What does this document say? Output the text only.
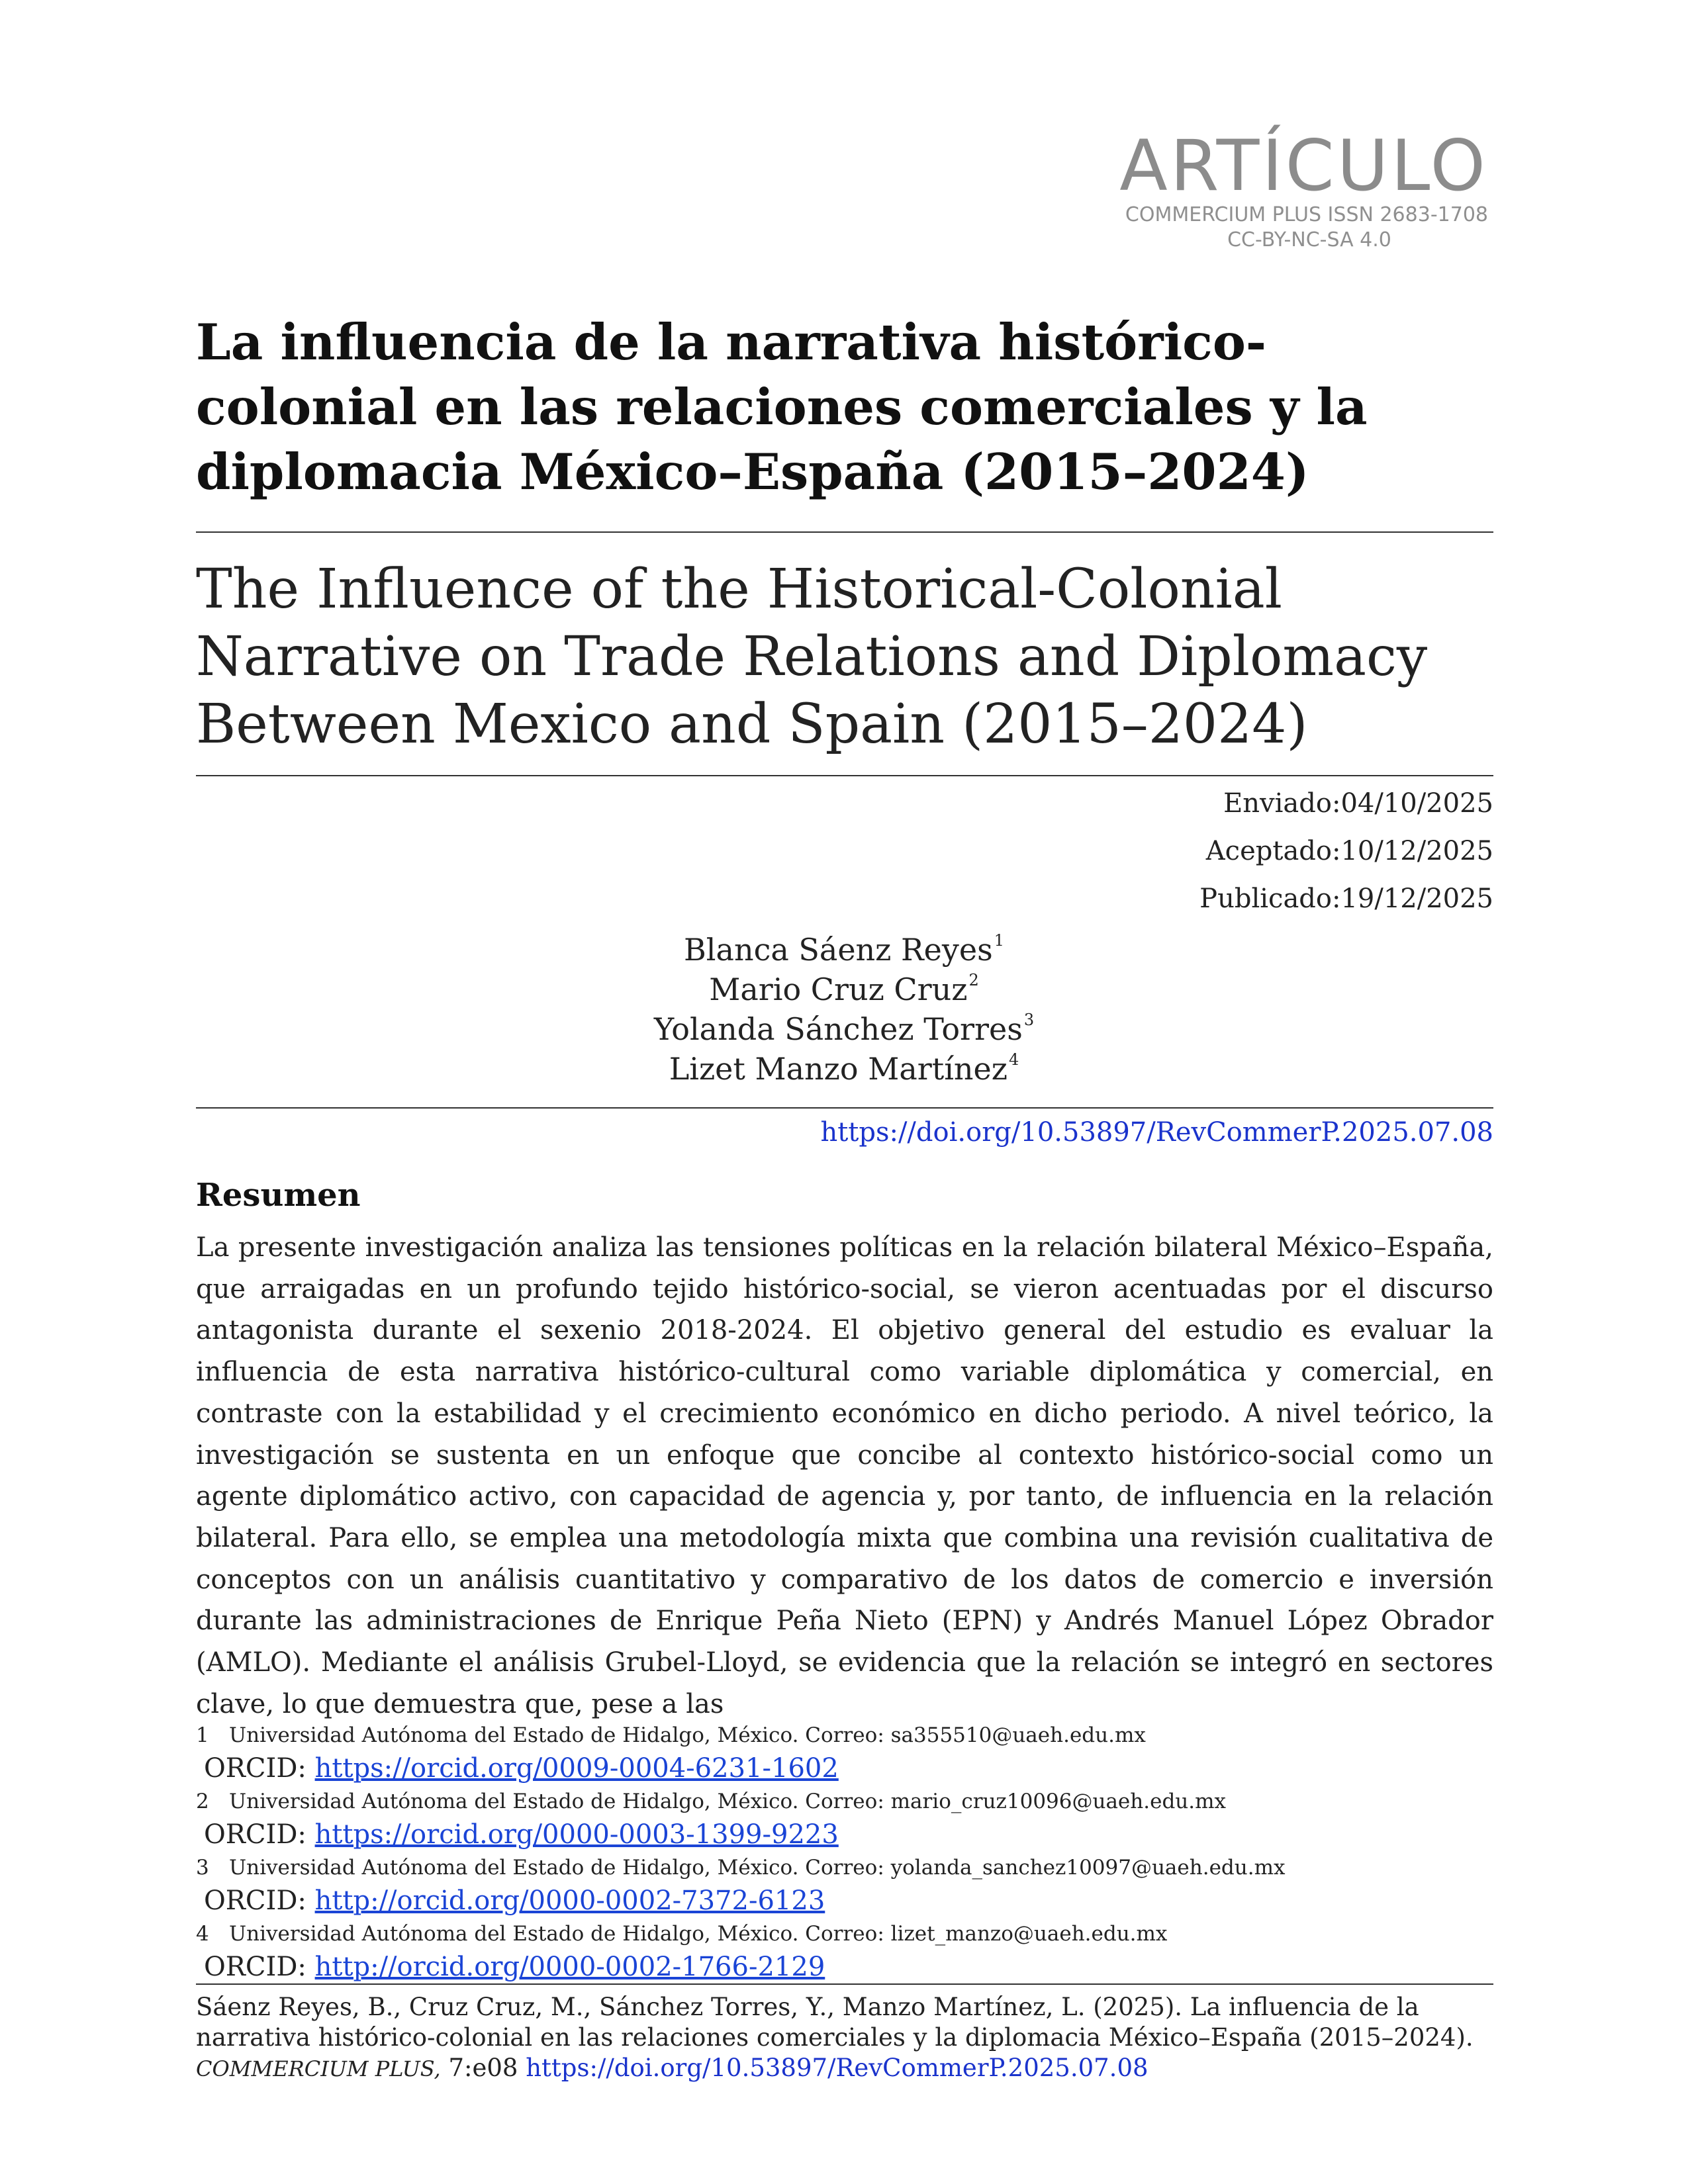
ARTÍCULO
COMMERCIUM PLUS ISSN 2683-1708
CC-BY-NC-SA 4.0
La influencia de la narrativa histórico-
colonial en las relaciones comerciales y la
diplomacia México–España (2015–2024)
The Influence of the Historical-Colonial
Narrative on Trade Relations and Diplomacy
Between Mexico and Spain (2015–2024)
Enviado:04/10/2025
Aceptado:10/12/2025
Publicado:19/12/2025
Blanca Sáenz Reyes$^1$
Mario Cruz Cruz$^2$
Yolanda Sánchez Torres$^3$
Lizet Manzo Martínez$^4$
https://doi.org/10.53897/RevCommerP.2025.07.08
Resumen
La presente investigación analiza las tensiones políticas en la relación bilateral México–España, que arraigadas en un profundo tejido histórico-social, se vieron acentuadas por el discurso antagonista durante el sexenio 2018-2024. El objetivo general del estudio es evaluar la influencia de esta narrativa histórico-cultural como variable diplomática y comercial, en contraste con la estabilidad y el crecimiento económico en dicho periodo. A nivel teórico, la investigación se sustenta en un enfoque que concibe al contexto histórico-social como un agente diplomático activo, con capacidad de agencia y, por tanto, de influencia en la relación bilateral. Para ello, se emplea una metodología mixta que combina una revisión cualitativa de conceptos con un análisis cuantitativo y comparativo de los datos de comercio e inversión durante las administraciones de Enrique Peña Nieto (EPN) y Andrés Manuel López Obrador (AMLO). Mediante el análisis Grubel-Lloyd, se evidencia que la relación se integró en sectores clave, lo que demuestra que, pese a las
1 Universidad Autónoma del Estado de Hidalgo, México. Correo: sa355510@uaeh.edu.mx
ORCID: https://orcid.org/0009-0004-6231-1602
2 Universidad Autónoma del Estado de Hidalgo, México. Correo: mario_cruz10096@uaeh.edu.mx
ORCID: https://orcid.org/0000-0003-1399-9223
3 Universidad Autónoma del Estado de Hidalgo, México. Correo: yolanda_sanchez10097@uaeh.edu.mx
ORCID: http://orcid.org/0000-0002-7372-6123
4 Universidad Autónoma del Estado de Hidalgo, México. Correo: lizet_manzo@uaeh.edu.mx
ORCID: http://orcid.org/0000-0002-1766-2129
Sáenz Reyes, B., Cruz Cruz, M., Sánchez Torres, Y., Manzo Martínez, L. (2025). La influencia de la
narrativa histórico-colonial en las relaciones comerciales y la diplomacia México–España (2015–2024).
COMMERCIUM PLUS, 7:e08 https://doi.org/10.53897/RevCommerP.2025.07.08
